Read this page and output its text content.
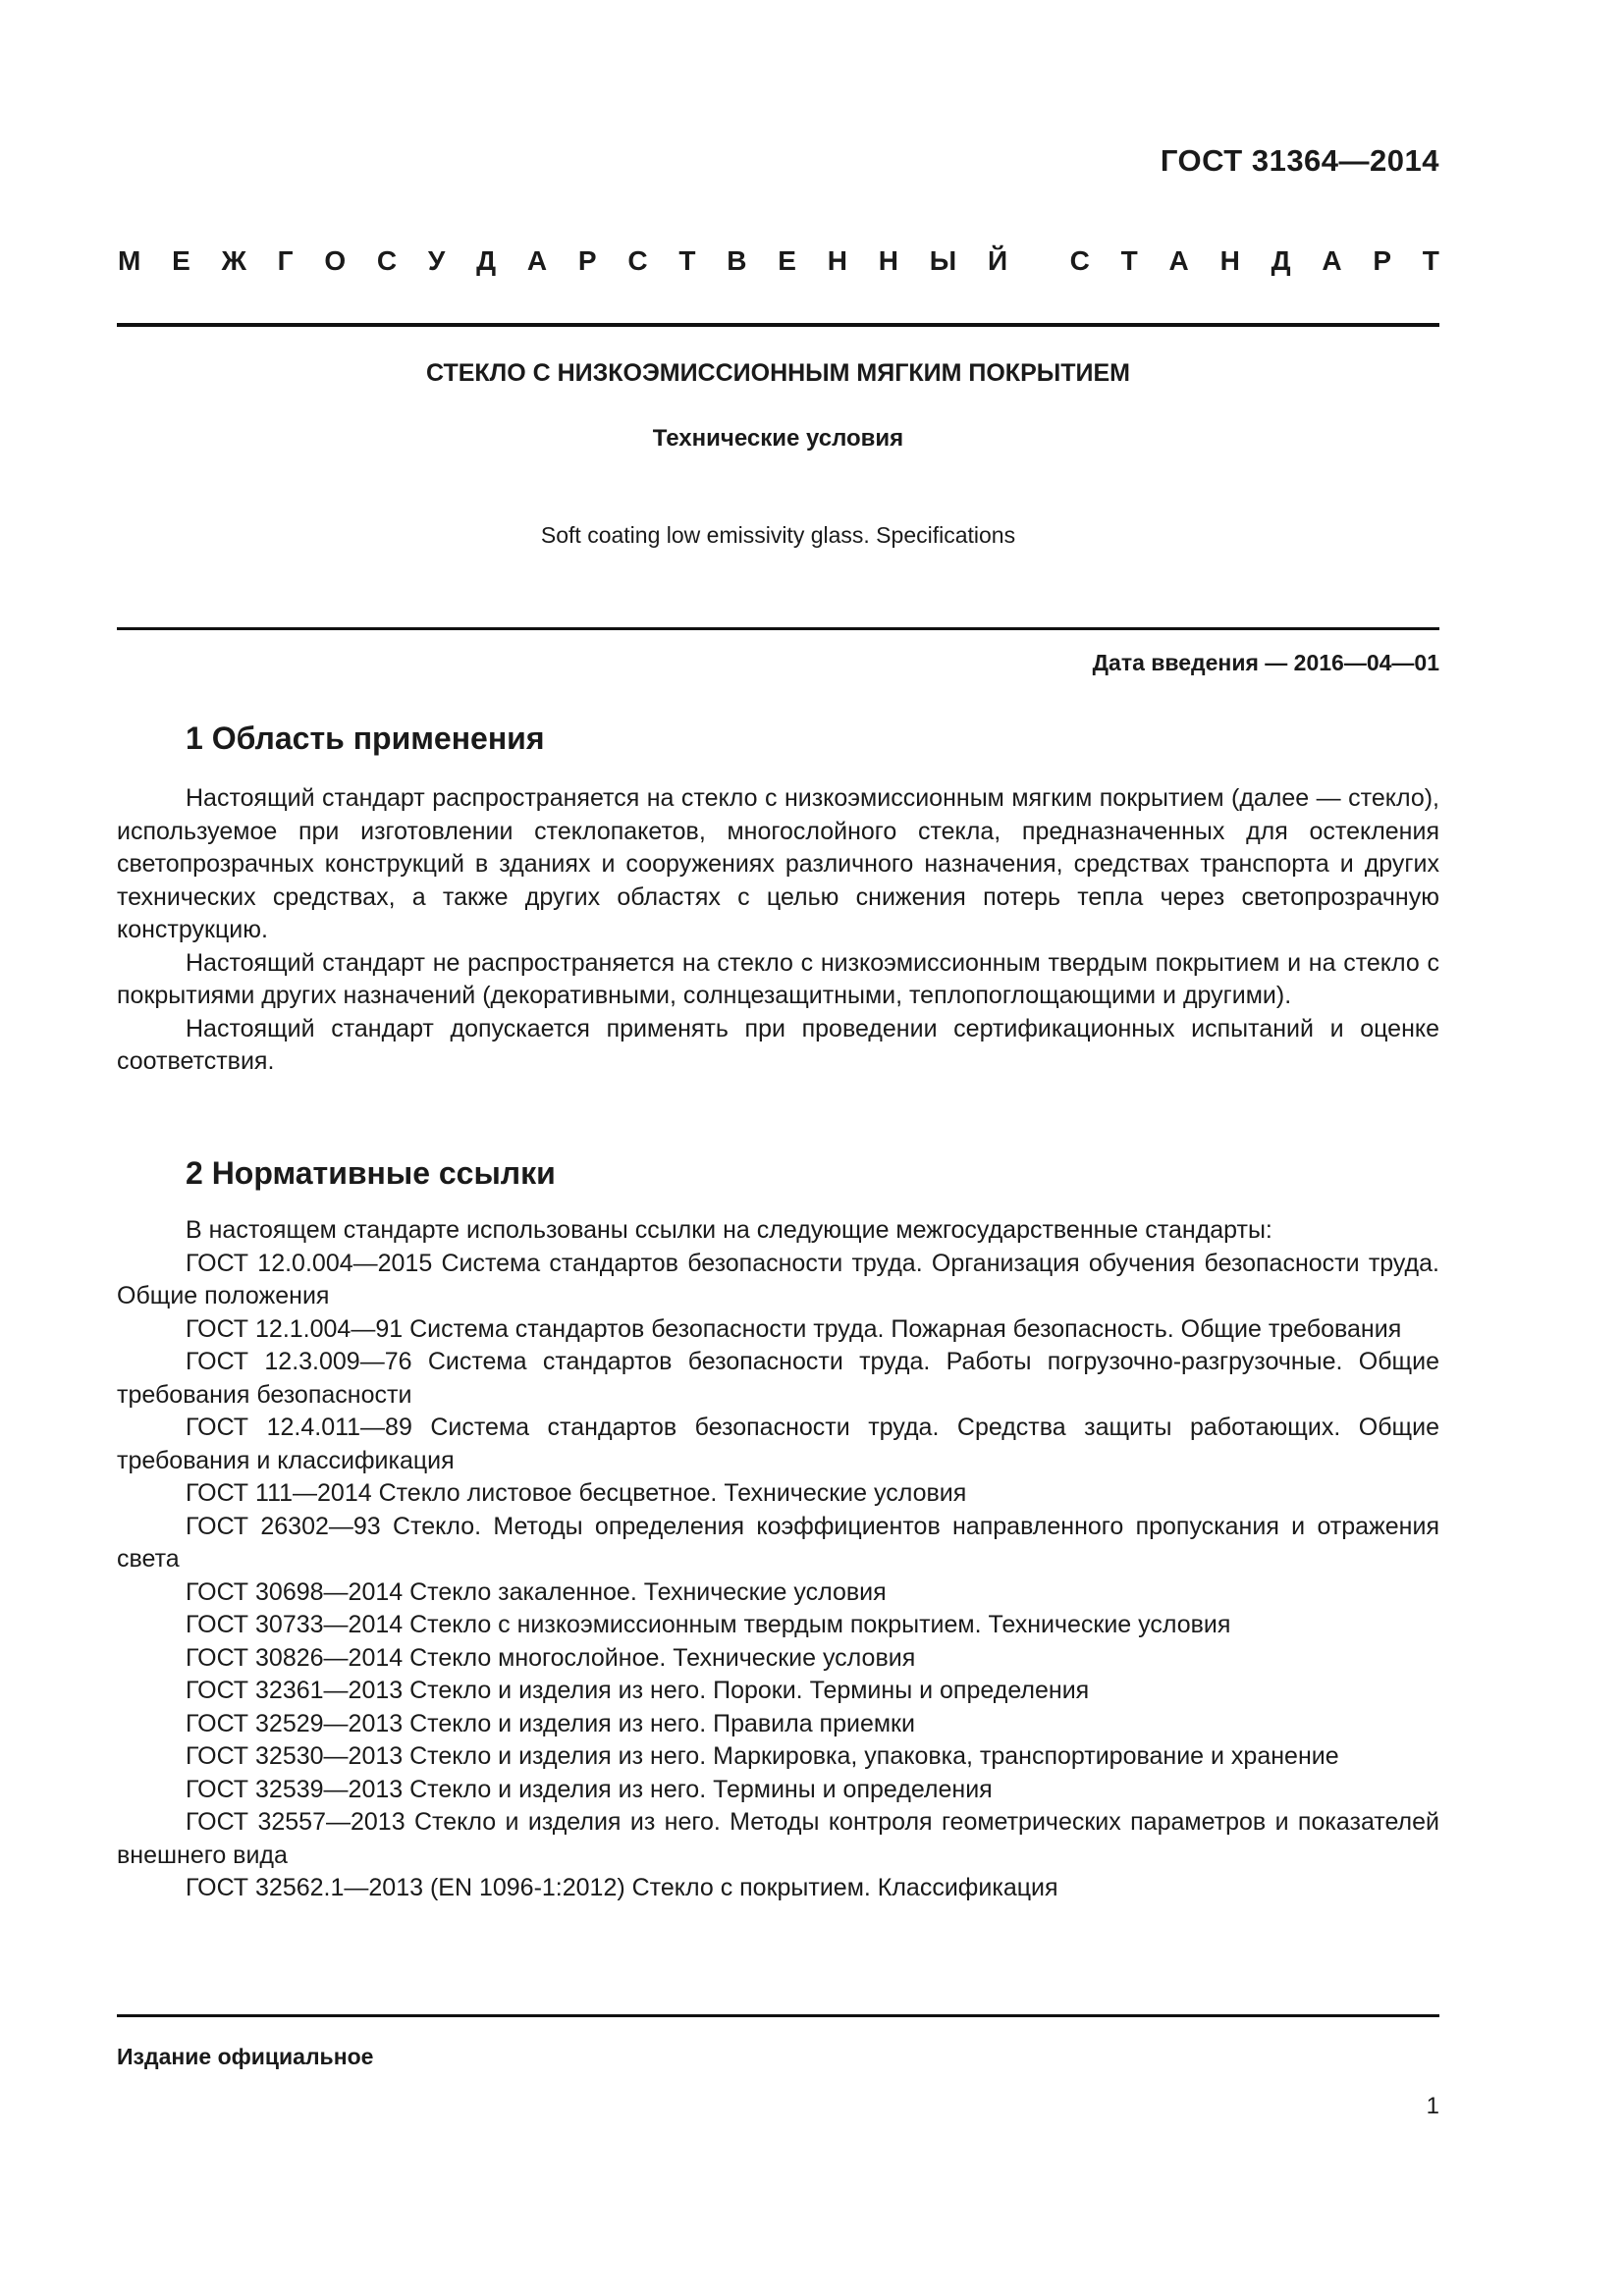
ГОСТ 31364—2014
М Е Ж Г О С У Д А Р С Т В Е Н Н Ы Й С Т А Н Д А Р Т
СТЕКЛО С НИЗКОЭМИССИОННЫМ МЯГКИМ ПОКРЫТИЕМ
Технические условия
Soft coating low emissivity glass. Specifications
Дата введения — 2016—04—01
1 Область применения

Настоящий стандарт распространяется на стекло с низкоэмиссионным мягким покрытием (далее — стекло), используемое при изготовлении стеклопакетов, многослойного стекла, предназначенных для остекления светопрозрачных конструкций в зданиях и сооружениях различного назначения, средствах транспорта и других технических средствах, а также других областях с целью снижения потерь тепла через светопрозрачную конструкцию.

Настоящий стандарт не распространяется на стекло с низкоэмиссионным твердым покрытием и на стекло с покрытиями других назначений (декоративными, солнцезащитными, теплопоглощающими и другими).

Настоящий стандарт допускается применять при проведении сертификационных испытаний и оценке соответствия.

2 Нормативные ссылки

В настоящем стандарте использованы ссылки на следующие межгосударственные стандарты:

ГОСТ 12.0.004—2015 Система стандартов безопасности труда. Организация обучения безопасности труда. Общие положения

ГОСТ 12.1.004—91 Система стандартов безопасности труда. Пожарная безопасность. Общие требования

ГОСТ 12.3.009—76 Система стандартов безопасности труда. Работы погрузочно-разгрузочные. Общие требования безопасности

ГОСТ 12.4.011—89 Система стандартов безопасности труда. Средства защиты работающих. Общие требования и классификация

ГОСТ 111—2014 Стекло листовое бесцветное. Технические условия

ГОСТ 26302—93 Стекло. Методы определения коэффициентов направленного пропускания и отражения света

ГОСТ 30698—2014 Стекло закаленное. Технические условия

ГОСТ 30733—2014 Стекло с низкоэмиссионным твердым покрытием. Технические условия

ГОСТ 30826—2014 Стекло многослойное. Технические условия

ГОСТ 32361—2013 Стекло и изделия из него. Пороки. Термины и определения

ГОСТ 32529—2013 Стекло и изделия из него. Правила приемки

ГОСТ 32530—2013 Стекло и изделия из него. Маркировка, упаковка, транспортирование и хранение

ГОСТ 32539—2013 Стекло и изделия из него. Термины и определения

ГОСТ 32557—2013 Стекло и изделия из него. Методы контроля геометрических параметров и показателей внешнего вида

ГОСТ 32562.1—2013 (EN 1096-1:2012) Стекло с покрытием. Классификация

Издание официальное
1
